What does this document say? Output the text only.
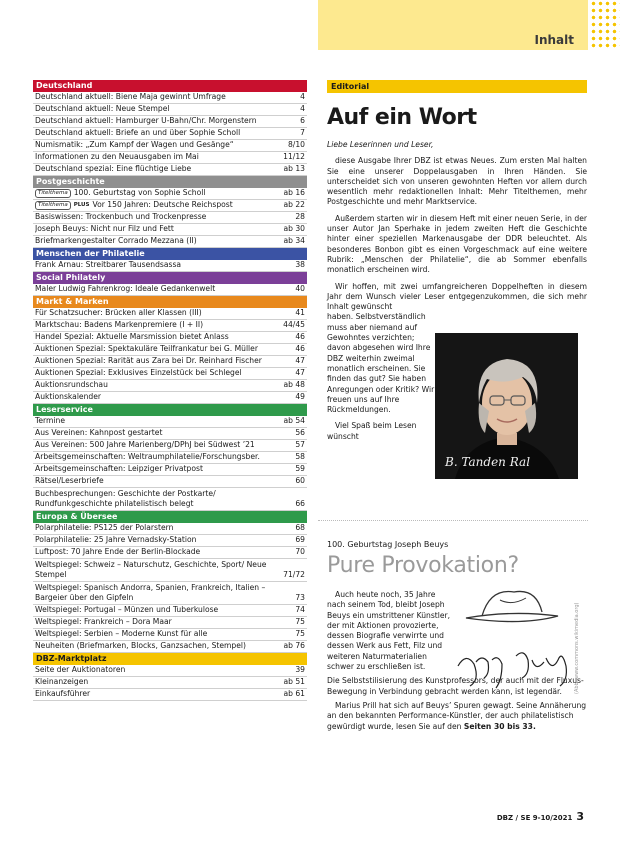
Inhalt
Deutschland
Deutschland aktuell: Biene Maja gewinnt Umfrage	4
Deutschland aktuell: Neue Stempel	4
Deutschland aktuell: Hamburger U-Bahn/Chr. Morgenstern	6
Deutschland aktuell: Briefe an und über Sophie Scholl	7
Numismatik: „Zum Kampf der Wagen und Gesänge“	8/10
Informationen zu den Neuausgaben im Mai	11/12
Deutschland spezial: Eine flüchtige Liebe	ab 13
Postgeschichte
Titelthema 100. Geburtstag von Sophie Scholl	ab 16
Titelthema PLUS Vor 150 Jahren: Deutsche Reichspost	ab 22
Basiswissen: Trockenbuch und Trockenpresse	28
Joseph Beuys: Nicht nur Filz und Fett	ab 30
Briefmarkengestalter Corrado Mezzana (II)	ab 34
Menschen der Philatelie
Frank Arnau: Streitbarer Tausendsassa	38
Social Philately
Maler Ludwig Fahrenkrog: Ideale Gedankenwelt	40
Markt & Marken
Für Schatzsucher: Brücken aller Klassen (III)	41
Marktschau: Badens Markenpremiere (I + II)	44/45
Handel Spezial: Aktuelle Marsmission bietet Anlass	46
Auktionen Spezial: Spektakuläre Teilfrankatur bei G. Müller	46
Auktionen Spezial: Rarität aus Zara bei Dr. Reinhard Fischer	47
Auktionen Spezial: Exklusives Einzelstück bei Schlegel	47
Auktionsrundschau	ab 48
Auktionskalender	49
Leserservice
Termine	ab 54
Aus Vereinen: Kahnpost gestartet	56
Aus Vereinen: 500 Jahre Marienberg/DPhJ bei Südwest ’21	57
Arbeitsgemeinschaften: Weltraumphilatelie/Forschungsber.	58
Arbeitsgemeinschaften: Leipziger Privatpost	59
Rätsel/Leserbriefe	60
Buchbesprechungen: Geschichte der Postkarte/ Rundfunkgeschichte philatelistisch belegt	66
Europa & Übersee
Polarphilatelie: PS125 der Polarstern	68
Polarphilatelie: 25 Jahre Vernadsky-Station	69
Luftpost: 70 Jahre Ende der Berlin-Blockade	70
Weltspiegel: Schweiz – Naturschutz, Geschichte, Sport/ Neue Stempel	71/72
Weltspiegel: Spanisch Andorra, Spanien, Frankreich, Italien – Bargeier über den Gipfeln	73
Weltspiegel: Portugal – Münzen und Tuberkulose	74
Weltspiegel: Frankreich – Dora Maar	75
Weltspiegel: Serbien – Moderne Kunst für alle	75
Neuheiten (Briefmarken, Blocks, Ganzsachen, Stempel)	ab 76
DBZ-Marktplatz
Seite der Auktionatoren	39
Kleinanzeigen	ab 51
Einkaufsführer	ab 61
Editorial
Auf ein Wort

Liebe Leserinnen und Leser,

diese Ausgabe Ihrer DBZ ist etwas Neues. Zum ersten Mal halten Sie eine unserer Doppelausgaben in Ihren Händen. Sie unterscheidet sich von unseren gewohnten Heften vor allem durch wesentlich mehr redaktionellen Inhalt: Mehr Titelthemen, mehr Postgeschichte und mehr Marktservice.

Außerdem starten wir in diesem Heft mit einer neuen Serie, in der unser Autor Jan Sperhake in jedem zweiten Heft die Geschichte hinter einer speziellen Markenausgabe der DDR beleuchtet. Als besonderes Bonbon gibt es einen Vorgeschmack auf eine weitere Rubrik: „Menschen der Philatelie“, die ab Sommer ebenfalls monatlich erscheinen wird.

Wir hoffen, mit zwei umfangreicheren Doppelheften in diesem Jahr dem Wunsch vieler Leser entgegenzukommen, die sich mehr Inhalt gewünscht

haben. Selbstverständlich muss aber niemand auf Gewohntes verzichten; davon abgesehen wird Ihre DBZ weiterhin zweimal monatlich erscheinen. Sie finden das gut? Sie haben Anregungen oder Kritik? Wir freuen uns auf Ihre Rückmeldungen.

Viel Spaß beim Lesen wünscht

B. Tanden Ral
100. Geburtstag Joseph Beuys
Pure Provokation?

Auch heute noch, 35 Jahre nach seinem Tod, bleibt Joseph Beuys ein umstrittener Künstler, der mit Aktionen provozierte, dessen Biografie verwirrte und dessen Werk aus Fett, Filz und weiteren Naturmaterialien schwer zu erschließen ist.

Die Selbststilisierung des Kunstprofessors, der auch mit der Fluxus-Bewegung in Verbindung gebracht werden kann, ist legendär.

Marius Prill hat sich auf Beuys’ Spuren gewagt. Seine Annäherung an den bekannten Performance-Künstler, der auch philatelistisch gewürdigt wurde, lesen Sie auf den Seiten 30 bis 33.

(Abb: www.commons.wikimedia.org)
DBZ / SE 9-10/2021 3
